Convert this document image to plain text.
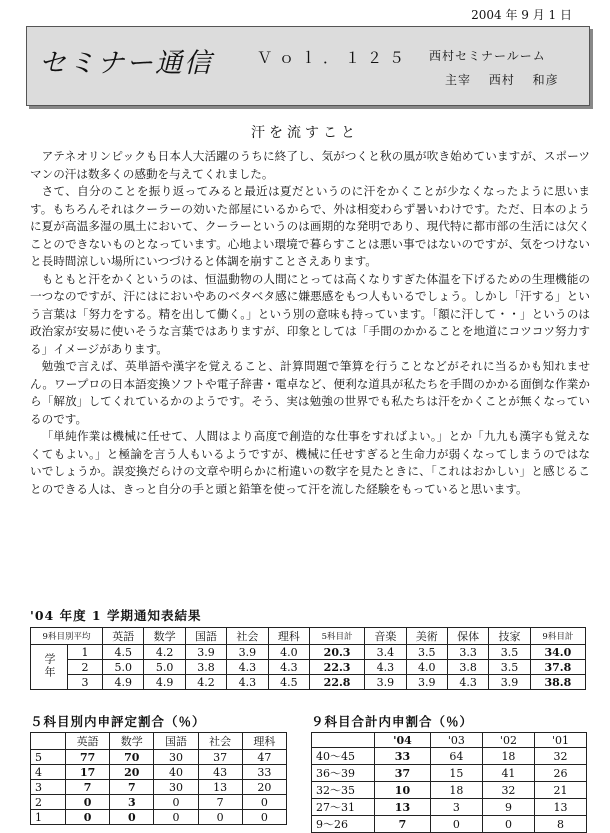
2004 年 9 月 1 日
セミナー通信	Ｖｏｌ．１２５ 西村セミナールーム
主宰　 西村　 和彦
汗を流すこと

アテネオリンピックも日本人大活躍のうちに終了し、気がつくと秋の風が吹き始めていますが、スポーツマンの汗は数多くの感動を与えてくれました。

さて、自分のことを振り返ってみると最近は夏だというのに汗をかくことが少なくなったように思います。もちろんそれはクーラーの効いた部屋にいるからで、外は相変わらず暑いわけです。ただ、日本のように夏が高温多湿の風土において、クーラーというのは画期的な発明であり、現代特に都市部の生活には欠くことのできないものとなっています。心地よい環境で暮らすことは悪い事ではないのですが、気をつけないと長時間涼しい場所にいつづけると体調を崩すことさえあります。

もともと汗をかくというのは、恒温動物の人間にとっては高くなりすぎた体温を下げるための生理機能の一つなのですが、汗にはにおいやあのベタベタ感に嫌悪感をもつ人もいるでしょう。しかし「汗する」という言葉は「努力をする。精を出して働く。」という別の意味も持っています。「額に汗して・・」というのは政治家が安易に使いそうな言葉ではありますが、印象としては「手間のかかることを地道にコツコツ努力する」イメージがあります。

勉強で言えば、英単語や漢字を覚えること、計算問題で筆算を行うことなどがそれに当るかも知れません。ワープロの日本語変換ソフトや電子辞書・電卓など、便利な道具が私たちを手間のかかる面倒な作業から「解放」してくれているかのようです。そう、実は勉強の世界でも私たちは汗をかくことが無くなっているのです。

「単純作業は機械に任せて、人間はより高度で創造的な仕事をすればよい。」とか「九九も漢字も覚えなくてもよい。」と極論を言う人もいるようですが、機械に任せすぎると生命力が弱くなってしまうのではないでしょうか。誤変換だらけの文章や明らかに桁違いの数字を見たときに、「これはおかしい」と感じることのできる人は、きっと自分の手と頭と鉛筆を使って汗を流した経験をもっていると思います。

'04 年度 1 学期通知表結果
9科目別平均		英語	数学	国語	社会	理科	5科目計	音楽	美術	保体	技家	9科目計
学年	1	4.5	4.2	3.9	3.9	4.0	20.3	3.4	3.5	3.3	3.5	34.0
	2	5.0	5.0	3.8	4.3	4.3	22.3	4.3	4.0	3.8	3.5	37.8
	3	4.9	4.9	4.2	4.3	4.5	22.8	3.9	3.9	4.3	3.9	38.8
５科目別内申評定割合（％）	９科目合計内申割合（％）
	英語	数学	国語	社会	理科
5	77	70	30	37	47
4	17	20	40	43	33
3	7	7	30	13	20
2	0	3	0	7	0
1	0	0	0	0	0
	'04	'03	'02	'01
40～45	33	64	18	32
36～39	37	15	41	26
32～35	10	18	32	21
27～31	13	3	9	13
9～26	7	0	0	8
